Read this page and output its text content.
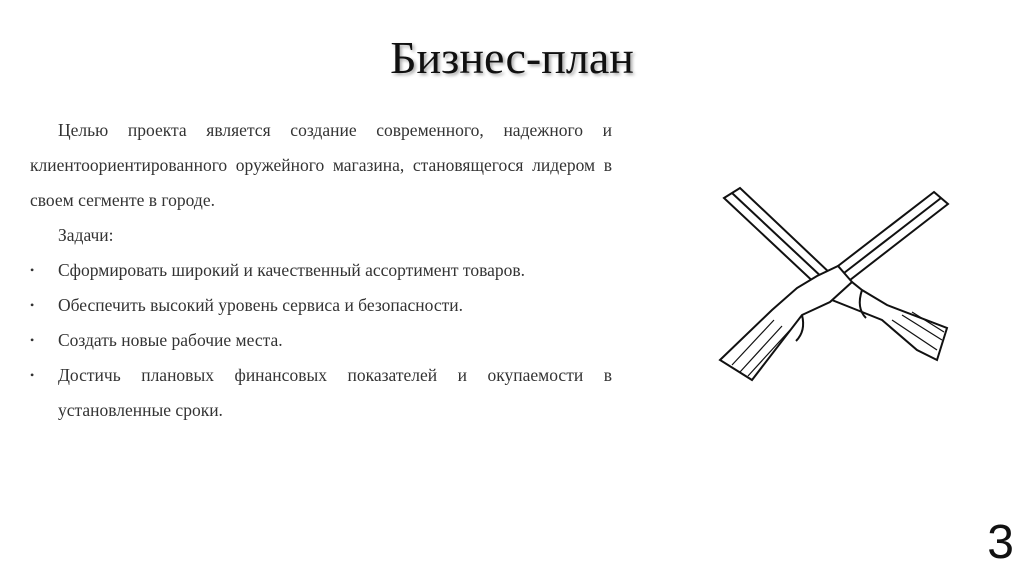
Бизнес-план

Целью проекта является создание современного, надежного и клиентоориентированного оружейного магазина, становящегося лидером в своем сегменте в городе.

Задачи:

• Сформировать широкий и качественный ассортимент товаров.
• Обеспечить высокий уровень сервиса и безопасности.
• Создать новые рабочие места.
• Достичь плановых финансовых показателей и окупаемости в установленные сроки.
3
